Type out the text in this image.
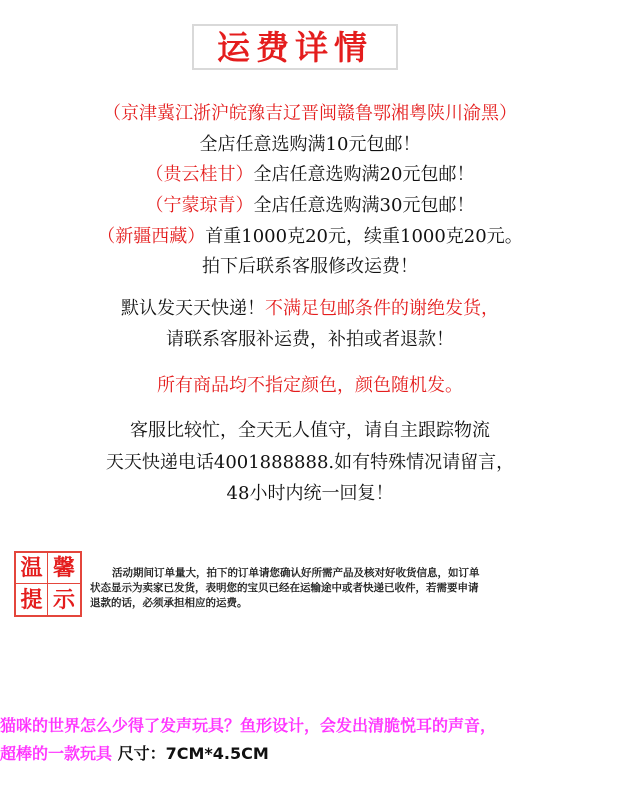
运费详情
（京津冀江浙沪皖豫吉辽晋闽赣鲁鄂湘粤陕川渝黑）
全店任意选购满10元包邮！
（贵云桂甘）全店任意选购满20元包邮！
（宁蒙琼青）全店任意选购满30元包邮！
（新疆西藏）首重1000克20元，续重1000克20元。
拍下后联系客服修改运费！
默认发天天快递！不满足包邮条件的谢绝发货，
请联系客服补运费，补拍或者退款！
所有商品均不指定颜色，颜色随机发。
客服比较忙，全天无人值守，请自主跟踪物流
天天快递电话4001888888.如有特殊情况请留言，
48小时内统一回复！
温 馨
提 示

活动期间订单量大，拍下的订单请您确认好所需产品及核对好收货信息，如订单

状态显示为卖家已发货，表明您的宝贝已经在运输途中或者快递已收件，若需要申请

退款的话，必须承担相应的运费。

猫咪的世界怎么少得了发声玩具？鱼形设计，会发出清脆悦耳的声音，

超棒的一款玩具 尺寸：7CM*4.5CM
